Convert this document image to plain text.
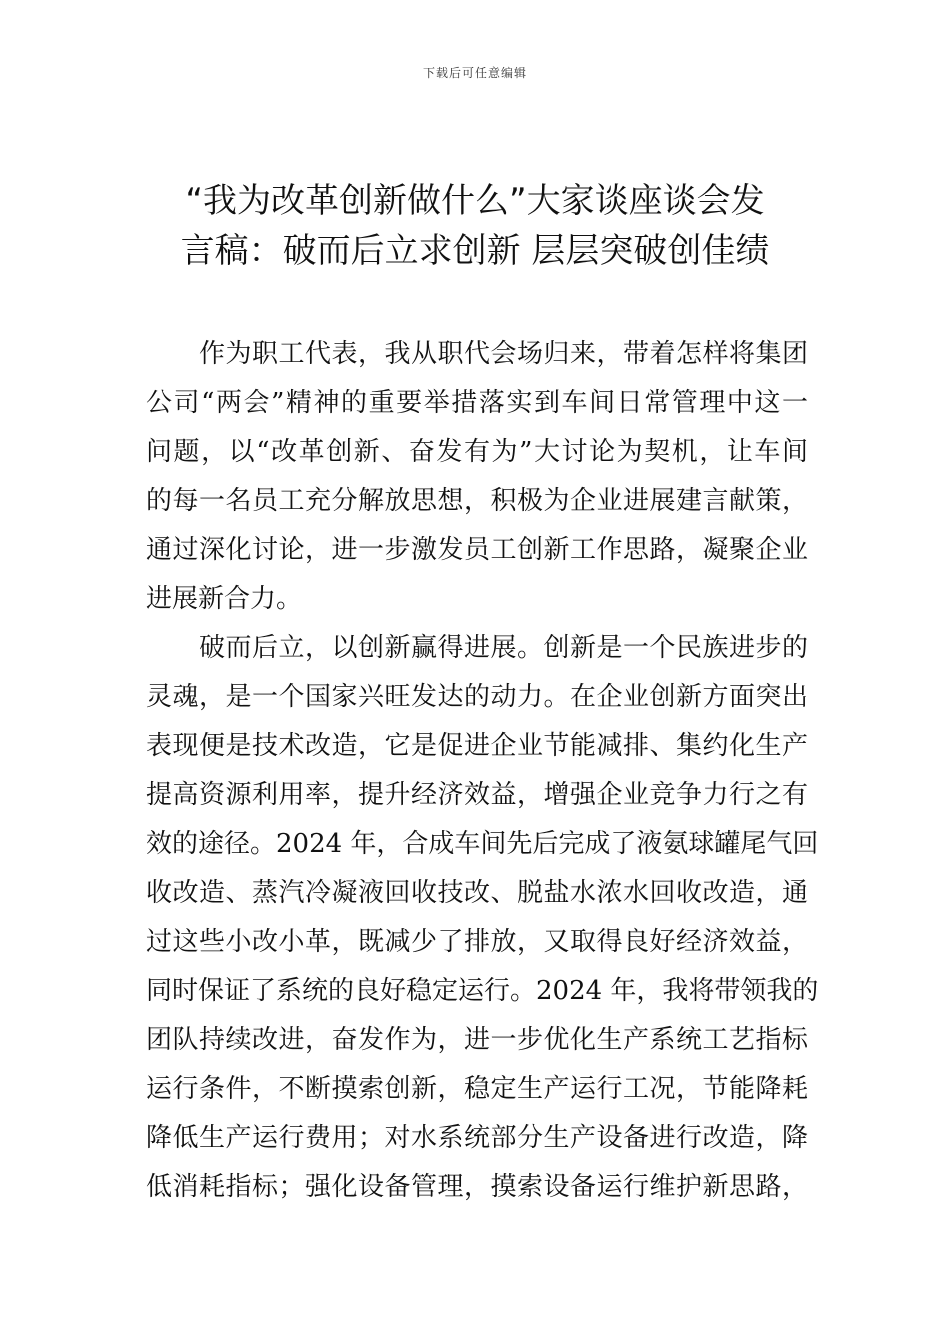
下载后可任意编辑
“我为改革创新做什么”大家谈座谈会发
言稿：破而后立求创新 层层突破创佳绩
　　作为职工代表，我从职代会场归来，带着怎样将集团
公司“两会”精神的重要举措落实到车间日常管理中这一
问题，以“改革创新、奋发有为”大讨论为契机，让车间
的每一名员工充分解放思想，积极为企业进展建言献策，
通过深化讨论，进一步激发员工创新工作思路，凝聚企业
进展新合力。
　　破而后立，以创新赢得进展。创新是一个民族进步的
灵魂，是一个国家兴旺发达的动力。在企业创新方面突出
表现便是技术改造，它是促进企业节能减排、集约化生产
提高资源利用率，提升经济效益，增强企业竞争力行之有
效的途径。2024 年，合成车间先后完成了液氨球罐尾气回
收改造、蒸汽冷凝液回收技改、脱盐水浓水回收改造，通
过这些小改小革，既减少了排放，又取得良好经济效益，
同时保证了系统的良好稳定运行。2024 年，我将带领我的
团队持续改进，奋发作为，进一步优化生产系统工艺指标
运行条件，不断摸索创新，稳定生产运行工况，节能降耗
降低生产运行费用；对水系统部分生产设备进行改造，降
低消耗指标；强化设备管理，摸索设备运行维护新思路，
